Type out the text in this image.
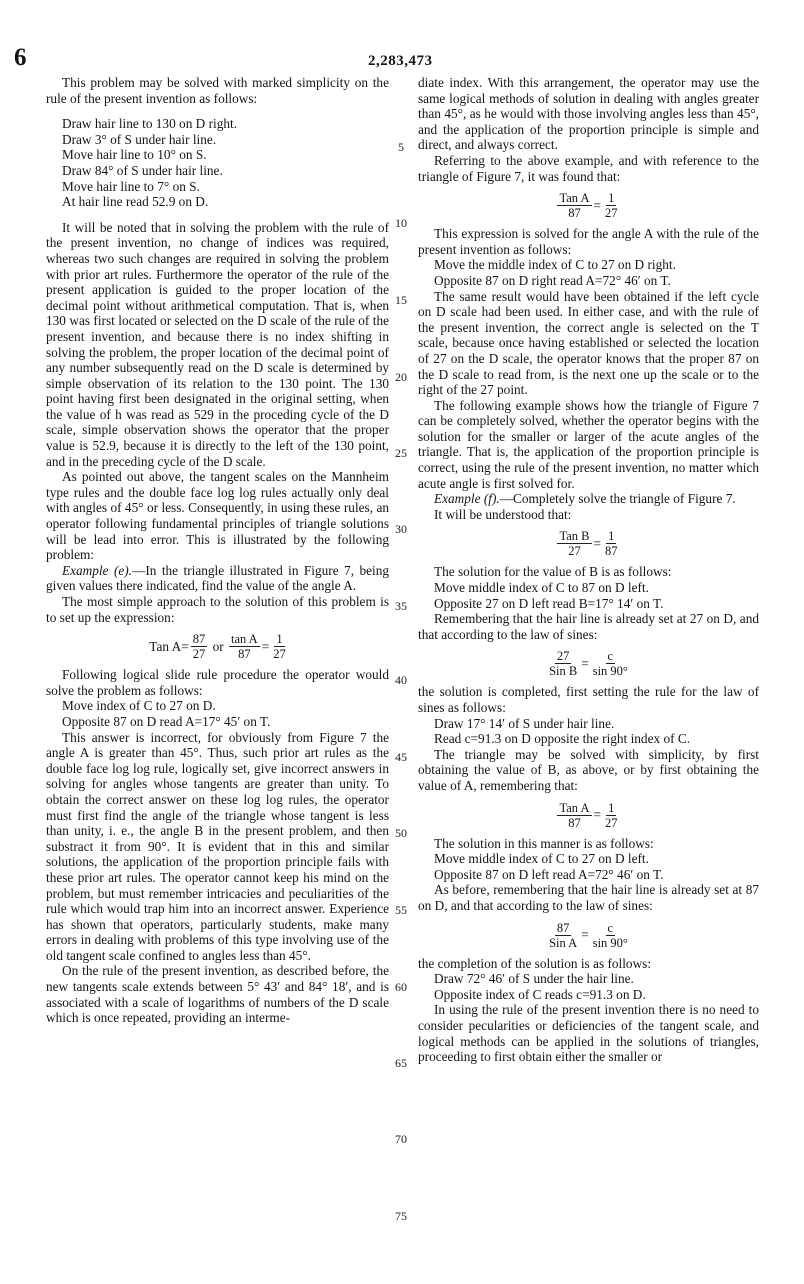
6	2,283,473

This problem may be solved with marked simplicity on the rule of the present invention as follows:

Draw hair line to 130 on D right.

Draw 3° of S under hair line.

Move hair line to 10° on S.

Draw 84° of S under hair line.

Move hair line to 7° on S.

At hair line read 52.9 on D.

It will be noted that in solving the problem with the rule of the present invention, no change of indices was required, whereas two such changes are required in solving the problem with prior art rules. Furthermore the operator of the rule of the present application is guided to the proper location of the decimal point without arithmetical computation. That is, when 130 was first located or selected on the D scale of the rule of the present invention, and because there is no index shifting in solving the problem, the proper location of the decimal point of any number subsequently read on the D scale is determined by simple observation of its relation to the 130 point. The 130 point having first been designated in the original setting, when the value of h was read as 529 in the proceding cycle of the D scale, simple observation shows the operator that the proper value is 52.9, because it is directly to the left of the 130 point, and in the preceding cycle of the D scale.

As pointed out above, the tangent scales on the Mannheim type rules and the double face log log rules actually only deal with angles of 45° or less. Consequently, in using these rules, an operator following fundamental principles of triangle solutions will be lead into error. This is illustrated by the following problem:

Example (e).—In the triangle illustrated in Figure 7, being given values there indicated, find the value of the angle A.

The most simple approach to the solution of this problem is to set up the expression:

Tan $A= \frac{87}{27}$ or $\frac{\text{tan A}}{87} = \frac{1}{27}$

Following logical slide rule procedure the operator would solve the problem as follows:

Move index of C to 27 on D.

Opposite 87 on D read A=17° 45′ on T.

This answer is incorrect, for obviously from Figure 7 the angle A is greater than 45°. Thus, such prior art rules as the double face log log rule, logically set, give incorrect answers in solving for angles whose tangents are greater than unity. To obtain the correct answer on these log log rules, the operator must first find the angle of the triangle whose tangent is less than unity, i. e., the angle B in the present problem, and then substract it from 90°. It is evident that in this and similar solutions, the application of the proportion principle fails with these prior art rules. The operator cannot keep his mind on the problem, but must remember intricacies and peculiarities of the rule which would trap him into an incorrect answer. Experience has shown that operators, particularly students, make many errors in dealing with problems of this type involving use of the old tangent scale confined to angles less than 45°.

On the rule of the present invention, as described before, the new tangents scale extends between 5° 43′ and 84° 18′, and is associated with a scale of logarithms of numbers of the D scale which is once repeated, providing an interme-

5
10
15
20
25
30
35
40
45
50
55
60
65
70
75

diate index. With this arrangement, the operator may use the same logical methods of solution in dealing with angles greater than 45°, as he would with those involving angles less than 45°, and the application of the proportion principle is simple and direct, and always correct.

Referring to the above example, and with reference to the triangle of Figure 7, it was found that:

Tan A
87
= $\frac{1}{27}$

This expression is solved for the angle A with the rule of the present invention as follows:

Move the middle index of C to 27 on D right.

Opposite 87 on D right read A=72° 46′ on T.

The same result would have been obtained if the left cycle on D scale had been used. In either case, and with the rule of the present invention, the correct angle is selected on the T scale, because once having established or selected the location of 27 on the D scale, the operator knows that the proper 87 on the D scale to read from, is the next one up the scale or to the right of the 27 point.

The following example shows how the triangle of Figure 7 can be completely solved, whether the operator begins with the solution for the smaller or larger of the acute angles of the triangle. That is, the application of the proportion principle is correct, using the rule of the present invention, no matter which acute angle is first solved for.

Example (f).—Completely solve the triangle of Figure 7.

It will be understood that:

Tan B
27
= $\frac{1}{87}$

The solution for the value of B is as follows:

Move middle index of C to 87 on D left.

Opposite 27 on D left read B=17° 14′ on T.

Remembering that the hair line is already set at 27 on D, and that according to the law of sines:

27
Sin B
= $\frac{c}{\sin 90^\circ}$

the solution is completed, first setting the rule for the law of sines as follows:

Draw 17° 14′ of S under hair line.

Read c=91.3 on D opposite the right index of C.

The triangle may be solved with simplicity, by first obtaining the value of B, as above, or by first obtaining the value of A, remembering that:

Tan A
87
= $\frac{1}{27}$

The solution in this manner is as follows:

Move middle index of C to 27 on D left.

Opposite 87 on D left read A=72° 46′ on T.

As before, remembering that the hair line is already set at 87 on D, and that according to the law of sines:

87
Sin A
= $\frac{c}{\sin 90^\circ}$

the completion of the solution is as follows:

Draw 72° 46′ of S under the hair line.

Opposite index of C reads c=91.3 on D.

In using the rule of the present invention there is no need to consider pecularities or deficiencies of the tangent scale, and logical methods can be applied in the solutions of triangles, proceeding to first obtain either the smaller or
